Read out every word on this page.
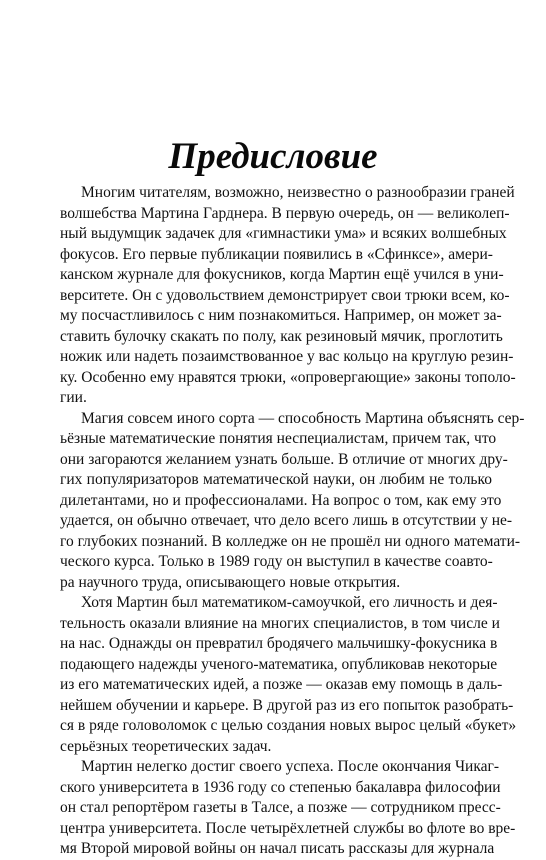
Предисловие
Многим читателям, возможно, неизвестно о разнообразии граней
волшебства Мартина Гарднера. В первую очередь, он — великолеп-
ный выдумщик задачек для «гимнастики ума» и всяких волшебных
фокусов. Его первые публикации появились в «Сфинксе», амери-
канском журнале для фокусников, когда Мартин ещё учился в уни-
верситете. Он с удовольствием демонстрирует свои трюки всем, ко-
му посчастливилось с ним познакомиться. Например, он может за-
ставить булочку скакать по полу, как резиновый мячик, проглотить
ножик или надеть позаимствованное у вас кольцо на круглую резин-
ку. Особенно ему нравятся трюки, «опровергающие» законы тополо-
гии.
Магия совсем иного сорта — способность Мартина объяснять сер-
ьёзные математические понятия неспециалистам, причем так, что
они загораются желанием узнать больше. В отличие от многих дру-
гих популяризаторов математической науки, он любим не только
дилетантами, но и профессионалами. На вопрос о том, как ему это
удается, он обычно отвечает, что дело всего лишь в отсутствии у не-
го глубоких познаний. В колледже он не прошёл ни одного математи-
ческого курса. Только в 1989 году он выступил в качестве соавто-
ра научного труда, описывающего новые открытия.
Хотя Мартин был математиком-самоучкой, его личность и дея-
тельность оказали влияние на многих специалистов, в том числе и
на нас. Однажды он превратил бродячего мальчишку-фокусника в
подающего надежды ученого-математика, опубликовав некоторые
из его математических идей, а позже — оказав ему помощь в даль-
нейшем обучении и карьере. В другой раз из его попыток разобрать-
ся в ряде головоломок с целью создания новых вырос целый «букет»
серьёзных теоретических задач.
Мартин нелегко достиг своего успеха. После окончания Чикаг-
ского университета в 1936 году со степенью бакалавра философии
он стал репортёром газеты в Талсе, а позже — сотрудником пресс-
центра университета. После четырёхлетней службы во флоте во вре-
мя Второй мировой войны он начал писать рассказы для журнала
